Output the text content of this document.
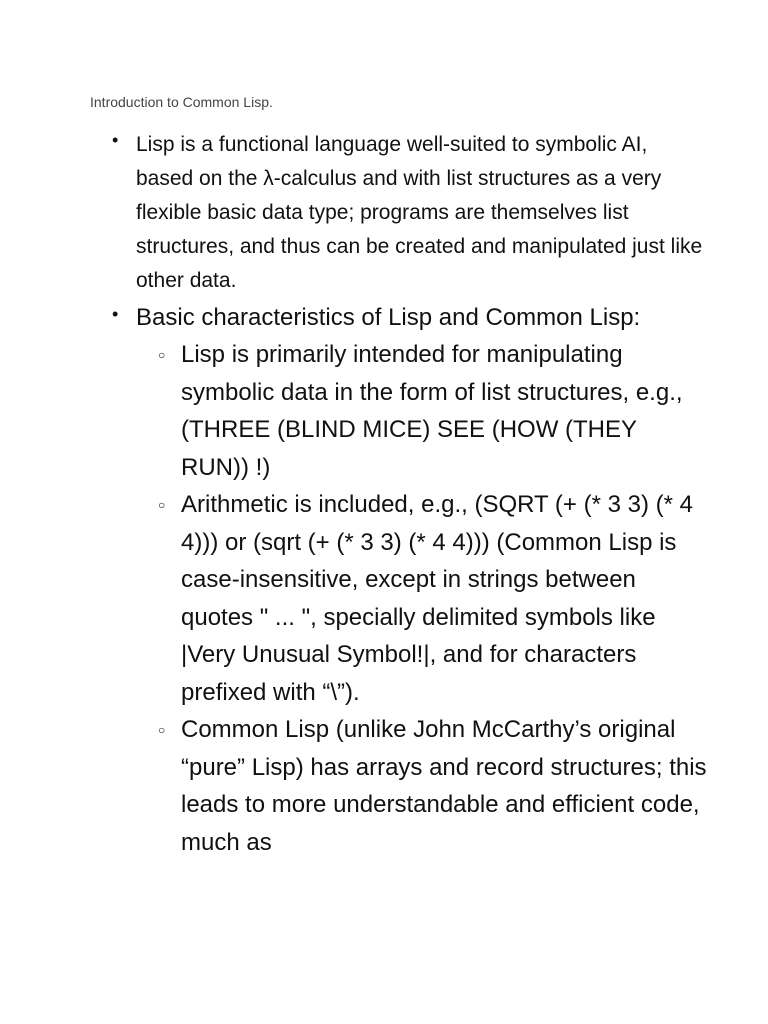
Introduction to Common Lisp.
• Lisp is a functional language well-suited to symbolic AI, based on the λ-calculus and with list structures as a very flexible basic data type; programs are themselves list structures, and thus can be created and manipulated just like other data.
• Basic characteristics of Lisp and Common Lisp:
○ Lisp is primarily intended for manipulating symbolic data in the form of list structures, e.g., (THREE (BLIND MICE) SEE (HOW (THEY RUN)) !)
○ Arithmetic is included, e.g., (SQRT (+ (* 3 3) (* 4 4))) or (sqrt (+ (* 3 3) (* 4 4))) (Common Lisp is case-insensitive, except in strings between quotes " ... ", specially delimited symbols like |Very Unusual Symbol!|, and for characters prefixed with “\”).
○ Common Lisp (unlike John McCarthy’s original “pure” Lisp) has arrays and record structures; this leads to more understandable and efficient code, much as
